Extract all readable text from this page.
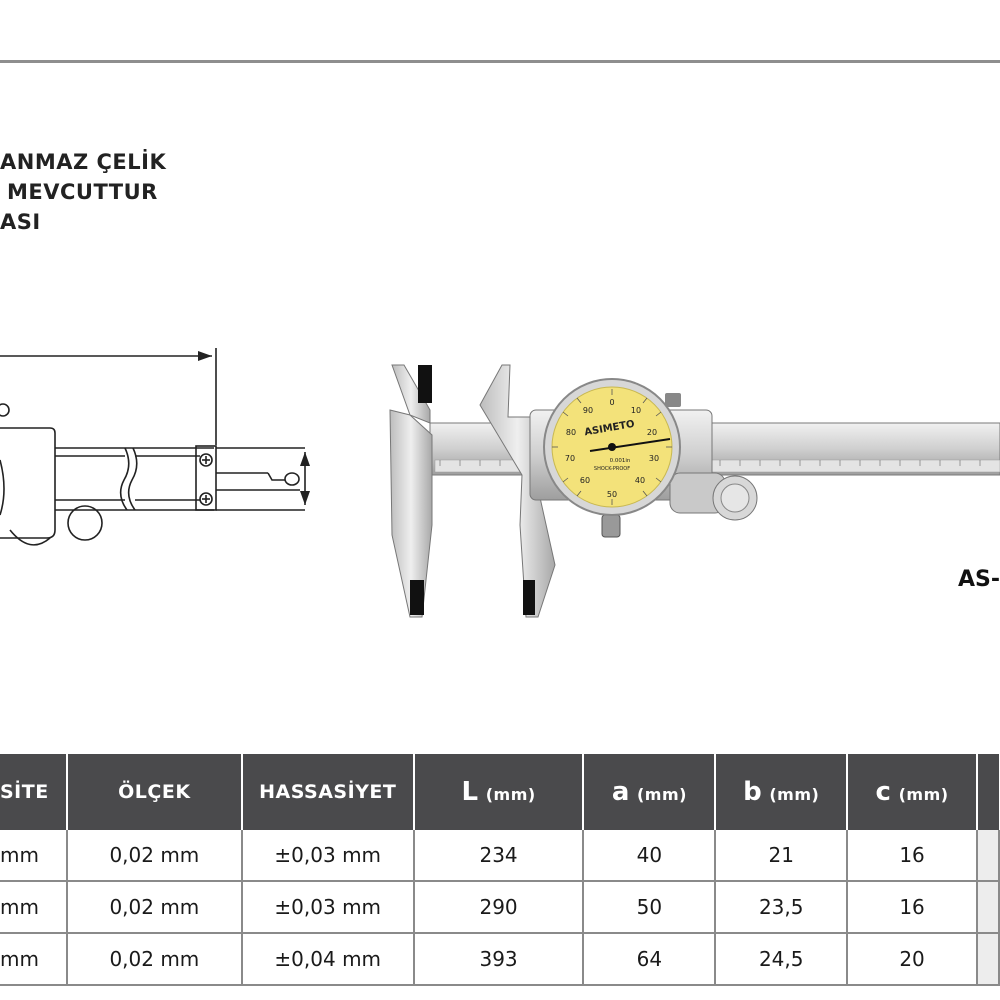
ANMAZ ÇELİK
MEVCUTTUR
ASI
0
10
20
30
40
50
60
70
80
90
ASIMETO
0.001in
SHOCK-PROOF
AS-
SİTE	ÖLÇEK	HASSASİYET	L (mm)	a (mm)	b (mm)	c (mm)	
mm	0,02 mm	±0,03 mm	234	40	21	16	
mm	0,02 mm	±0,03 mm	290	50	23,5	16	
mm	0,02 mm	±0,04 mm	393	64	24,5	20	
